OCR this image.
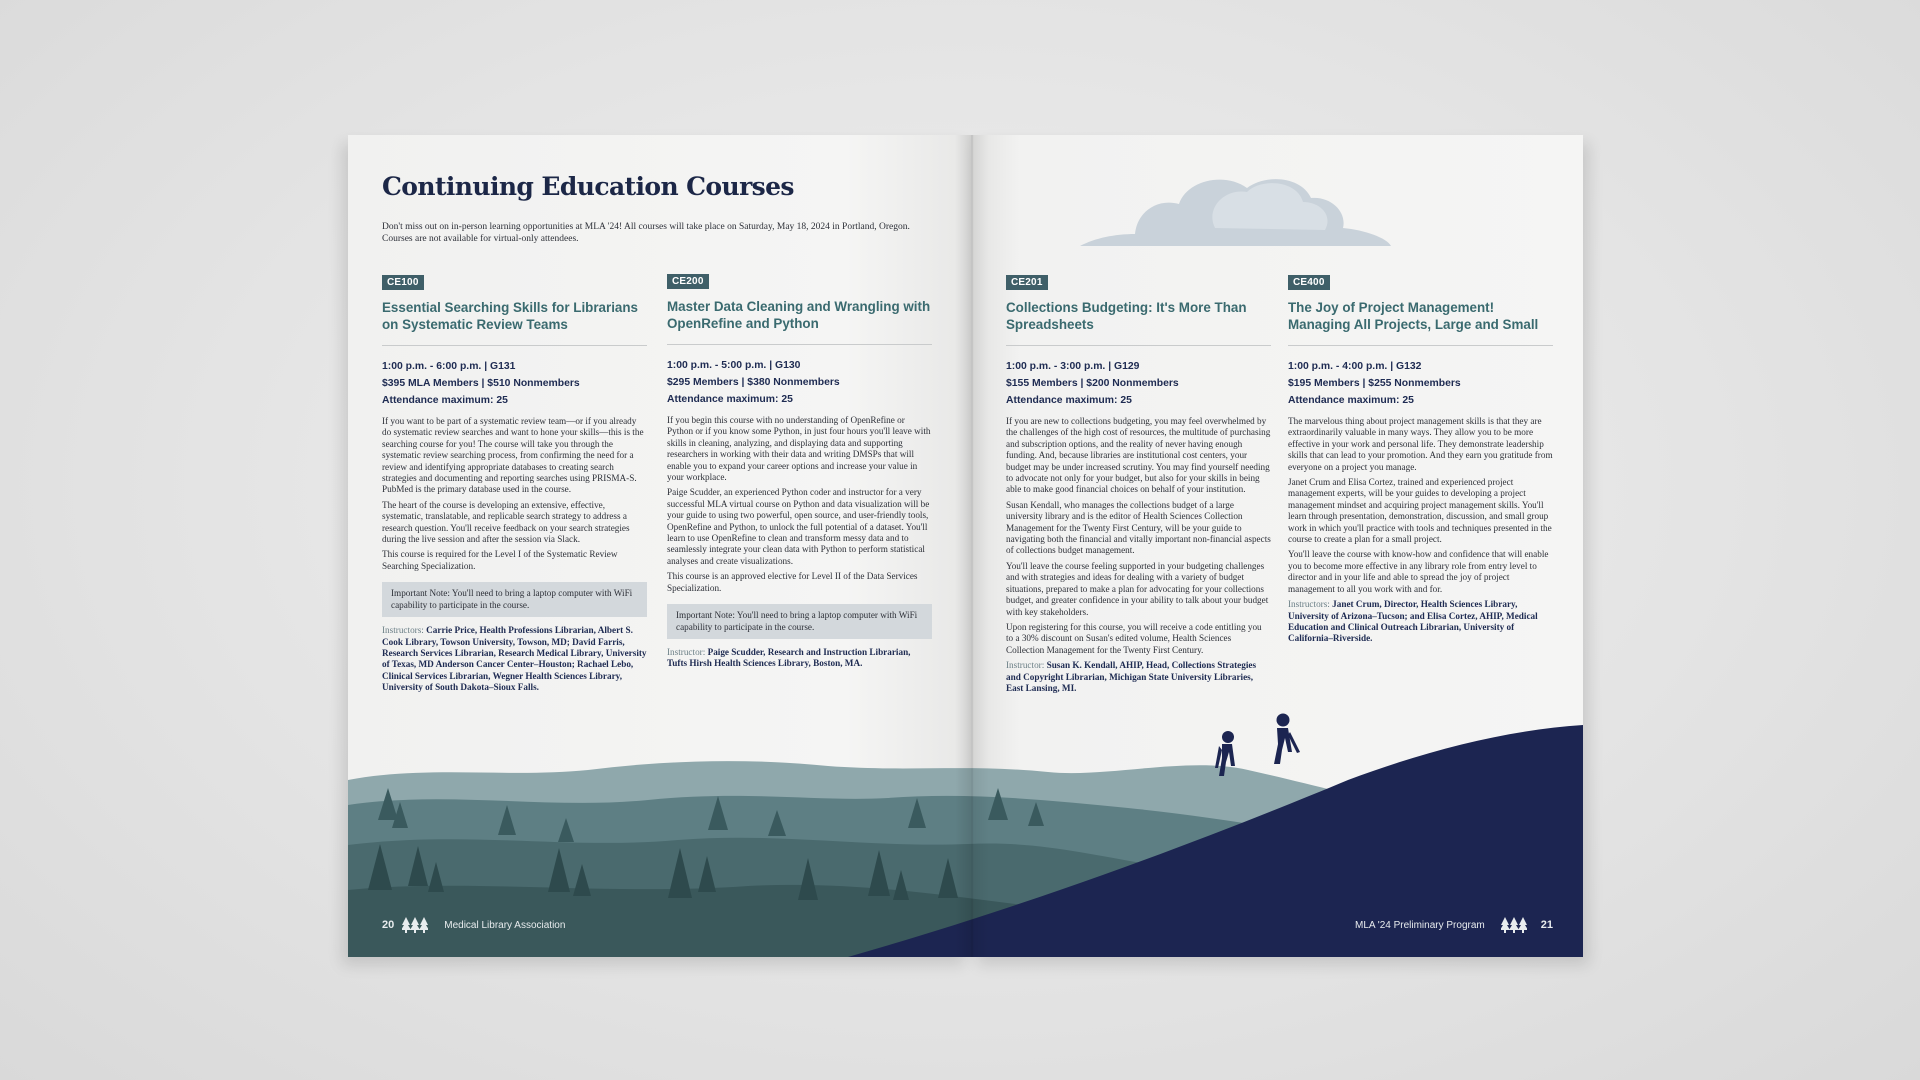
Continuing Education Courses
Don't miss out on in-person learning opportunities at MLA '24! All courses will take place on Saturday, May 18, 2024 in Portland, Oregon. Courses are not available for virtual-only attendees.
CE100
Essential Searching Skills for Librarians on Systematic Review Teams
1:00 p.m. - 6:00 p.m. | G131
$395 MLA Members | $510 Nonmembers
Attendance maximum: 25

If you want to be part of a systematic review team—or if you already do systematic review searches and want to hone your skills—this is the searching course for you! The course will take you through the systematic review searching process, from confirming the need for a review and identifying appropriate databases to creating search strategies and documenting and reporting searches using PRISMA-S. PubMed is the primary database used in the course.

The heart of the course is developing an extensive, effective, systematic, translatable, and replicable search strategy to address a research question. You'll receive feedback on your search strategies during the live session and after the session via Slack.

This course is required for the Level I of the Systematic Review Searching Specialization.

Important Note: You'll need to bring a laptop computer with WiFi capability to participate in the course.
Instructors: Carrie Price, Health Professions Librarian, Albert S. Cook Library, Towson University, Towson, MD; David Farris, Research Services Librarian, Research Medical Library, University of Texas, MD Anderson Cancer Center–Houston; Rachael Lebo, Clinical Services Librarian, Wegner Health Sciences Library, University of South Dakota–Sioux Falls.
CE200
Master Data Cleaning and Wrangling with OpenRefine and Python
1:00 p.m. - 5:00 p.m. | G130
$295 Members | $380 Nonmembers
Attendance maximum: 25

If you begin this course with no understanding of OpenRefine or Python or if you know some Python, in just four hours you'll leave with skills in cleaning, analyzing, and displaying data and supporting researchers in working with their data and writing DMSPs that will enable you to expand your career options and increase your value in your workplace.

Paige Scudder, an experienced Python coder and instructor for a very successful MLA virtual course on Python and data visualization will be your guide to using two powerful, open source, and user-friendly tools, OpenRefine and Python, to unlock the full potential of a dataset. You'll learn to use OpenRefine to clean and transform messy data and to seamlessly integrate your clean data with Python to perform statistical analyses and create visualizations.

This course is an approved elective for Level II of the Data Services Specialization.

Important Note: You'll need to bring a laptop computer with WiFi capability to participate in the course.
Instructor: Paige Scudder, Research and Instruction Librarian, Tufts Hirsh Health Sciences Library, Boston, MA.
CE201
Collections Budgeting: It's More Than Spreadsheets
1:00 p.m. - 3:00 p.m. | G129
$155 Members | $200 Nonmembers
Attendance maximum: 25

If you are new to collections budgeting, you may feel overwhelmed by the challenges of the high cost of resources, the multitude of purchasing and subscription options, and the reality of never having enough funding. And, because libraries are institutional cost centers, your budget may be under increased scrutiny. You may find yourself needing to advocate not only for your budget, but also for your skills in being able to make good financial choices on behalf of your institution.

Susan Kendall, who manages the collections budget of a large university library and is the editor of Health Sciences Collection Management for the Twenty First Century, will be your guide to navigating both the financial and vitally important non-financial aspects of collections budget management.

You'll leave the course feeling supported in your budgeting challenges and with strategies and ideas for dealing with a variety of budget situations, prepared to make a plan for advocating for your collections budget, and greater confidence in your ability to talk about your budget with key stakeholders.

Upon registering for this course, you will receive a code entitling you to a 30% discount on Susan's edited volume, Health Sciences Collection Management for the Twenty First Century.

Instructor: Susan K. Kendall, AHIP, Head, Collections Strategies and Copyright Librarian, Michigan State University Libraries, East Lansing, MI.
CE400
The Joy of Project Management! Managing All Projects, Large and Small
1:00 p.m. - 4:00 p.m. | G132
$195 Members | $255 Nonmembers
Attendance maximum: 25

The marvelous thing about project management skills is that they are extraordinarily valuable in many ways. They allow you to be more effective in your work and personal life. They demonstrate leadership skills that can lead to your promotion. And they earn you gratitude from everyone on a project you manage.

Janet Crum and Elisa Cortez, trained and experienced project management experts, will be your guides to developing a project management mindset and acquiring project management skills. You'll learn through presentation, demonstration, discussion, and small group work in which you'll practice with tools and techniques presented in the course to create a plan for a small project.

You'll leave the course with know-how and confidence that will enable you to become more effective in any library role from entry level to director and in your life and able to spread the joy of project management to all you work with and for.

Instructors: Janet Crum, Director, Health Sciences Library, University of Arizona–Tucson; and Elisa Cortez, AHIP, Medical Education and Clinical Outreach Librarian, University of California–Riverside.
20	Medical Library Association	MLA '24 Preliminary Program	21
